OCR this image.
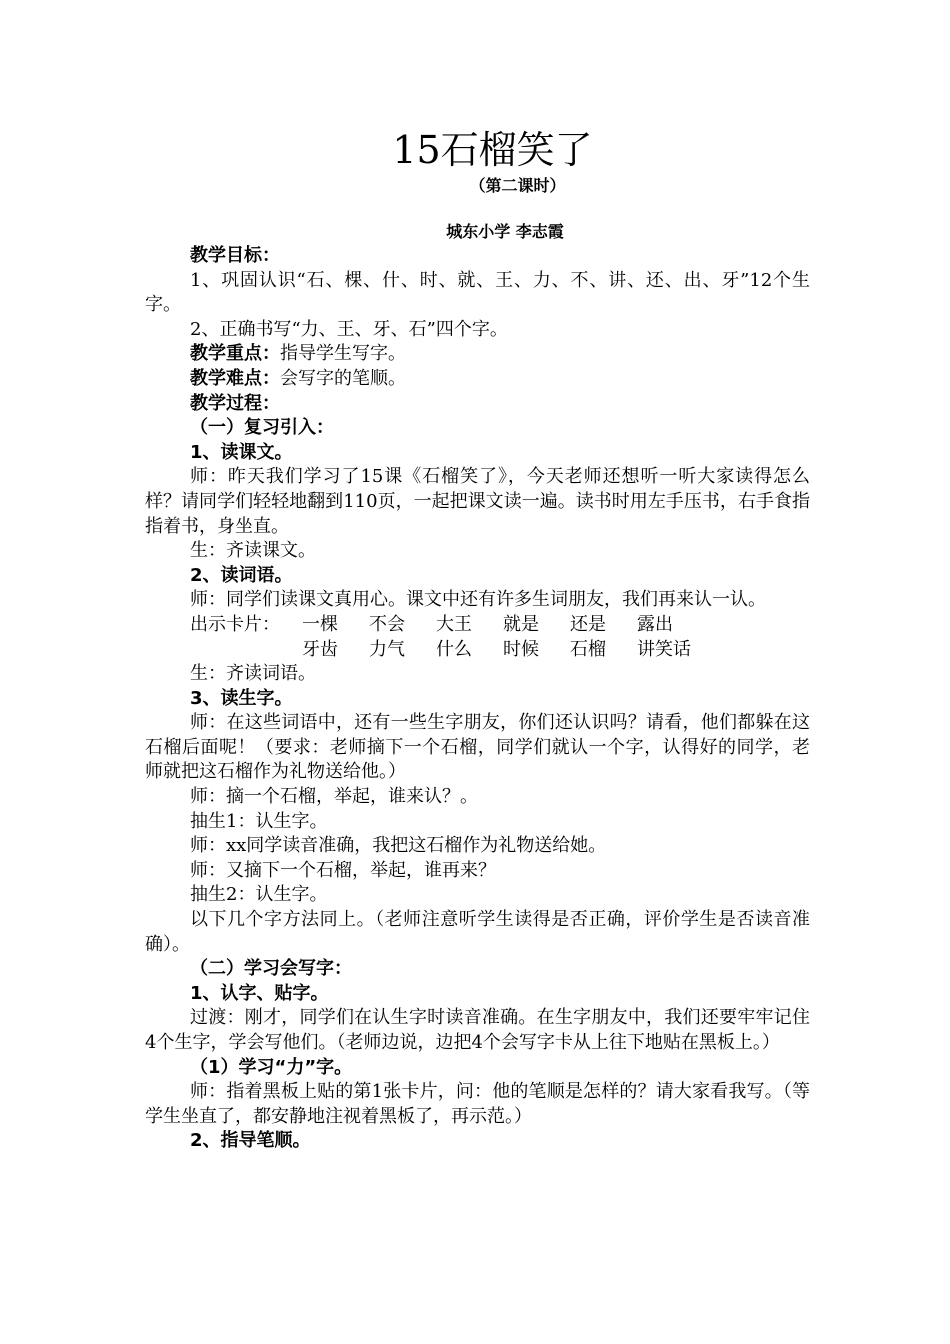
15石榴笑了
（第二课时）
城东小学 李志霞

教学目标：

1、巩固认识“石、棵、什、时、就、王、力、不、讲、还、出、牙”12个生字。

2、正确书写“力、王、牙、石”四个字。

教学重点：指导学生写字。

教学难点：会写字的笔顺。

教学过程：

（一）复习引入：

1、读课文。

师：昨天我们学习了15课《石榴笑了》，今天老师还想听一听大家读得怎么样？请同学们轻轻地翻到110页，一起把课文读一遍。读书时用左手压书，右手食指指着书，身坐直。

生：齐读课文。

2、读词语。

师：同学们读课文真用心。课文中还有许多生词朋友，我们再来认一认。

出示卡片：	一棵	不会	大王	就是	还是	露出
牙齿	力气	什么	时候	石榴	讲笑话

生：齐读词语。

3、读生字。

师：在这些词语中，还有一些生字朋友，你们还认识吗？请看，他们都躲在这石榴后面呢！（要求：老师摘下一个石榴，同学们就认一个字，认得好的同学，老师就把这石榴作为礼物送给他。）

师：摘一个石榴，举起，谁来认？。

抽生1：认生字。

师：xx同学读音准确，我把这石榴作为礼物送给她。

师：又摘下一个石榴，举起，谁再来？

抽生2：认生字。

以下几个字方法同上。（老师注意听学生读得是否正确，评价学生是否读音准确）。

（二）学习会写字：

1、认字、贴字。

过渡：刚才，同学们在认生字时读音准确。在生字朋友中，我们还要牢牢记住4个生字，学会写他们。（老师边说，边把4个会写字卡从上往下地贴在黑板上。）

（1）学习“力”字。

师：指着黑板上贴的第1张卡片，问：他的笔顺是怎样的？请大家看我写。（等学生坐直了，都安静地注视着黑板了，再示范。）

2、指导笔顺。
